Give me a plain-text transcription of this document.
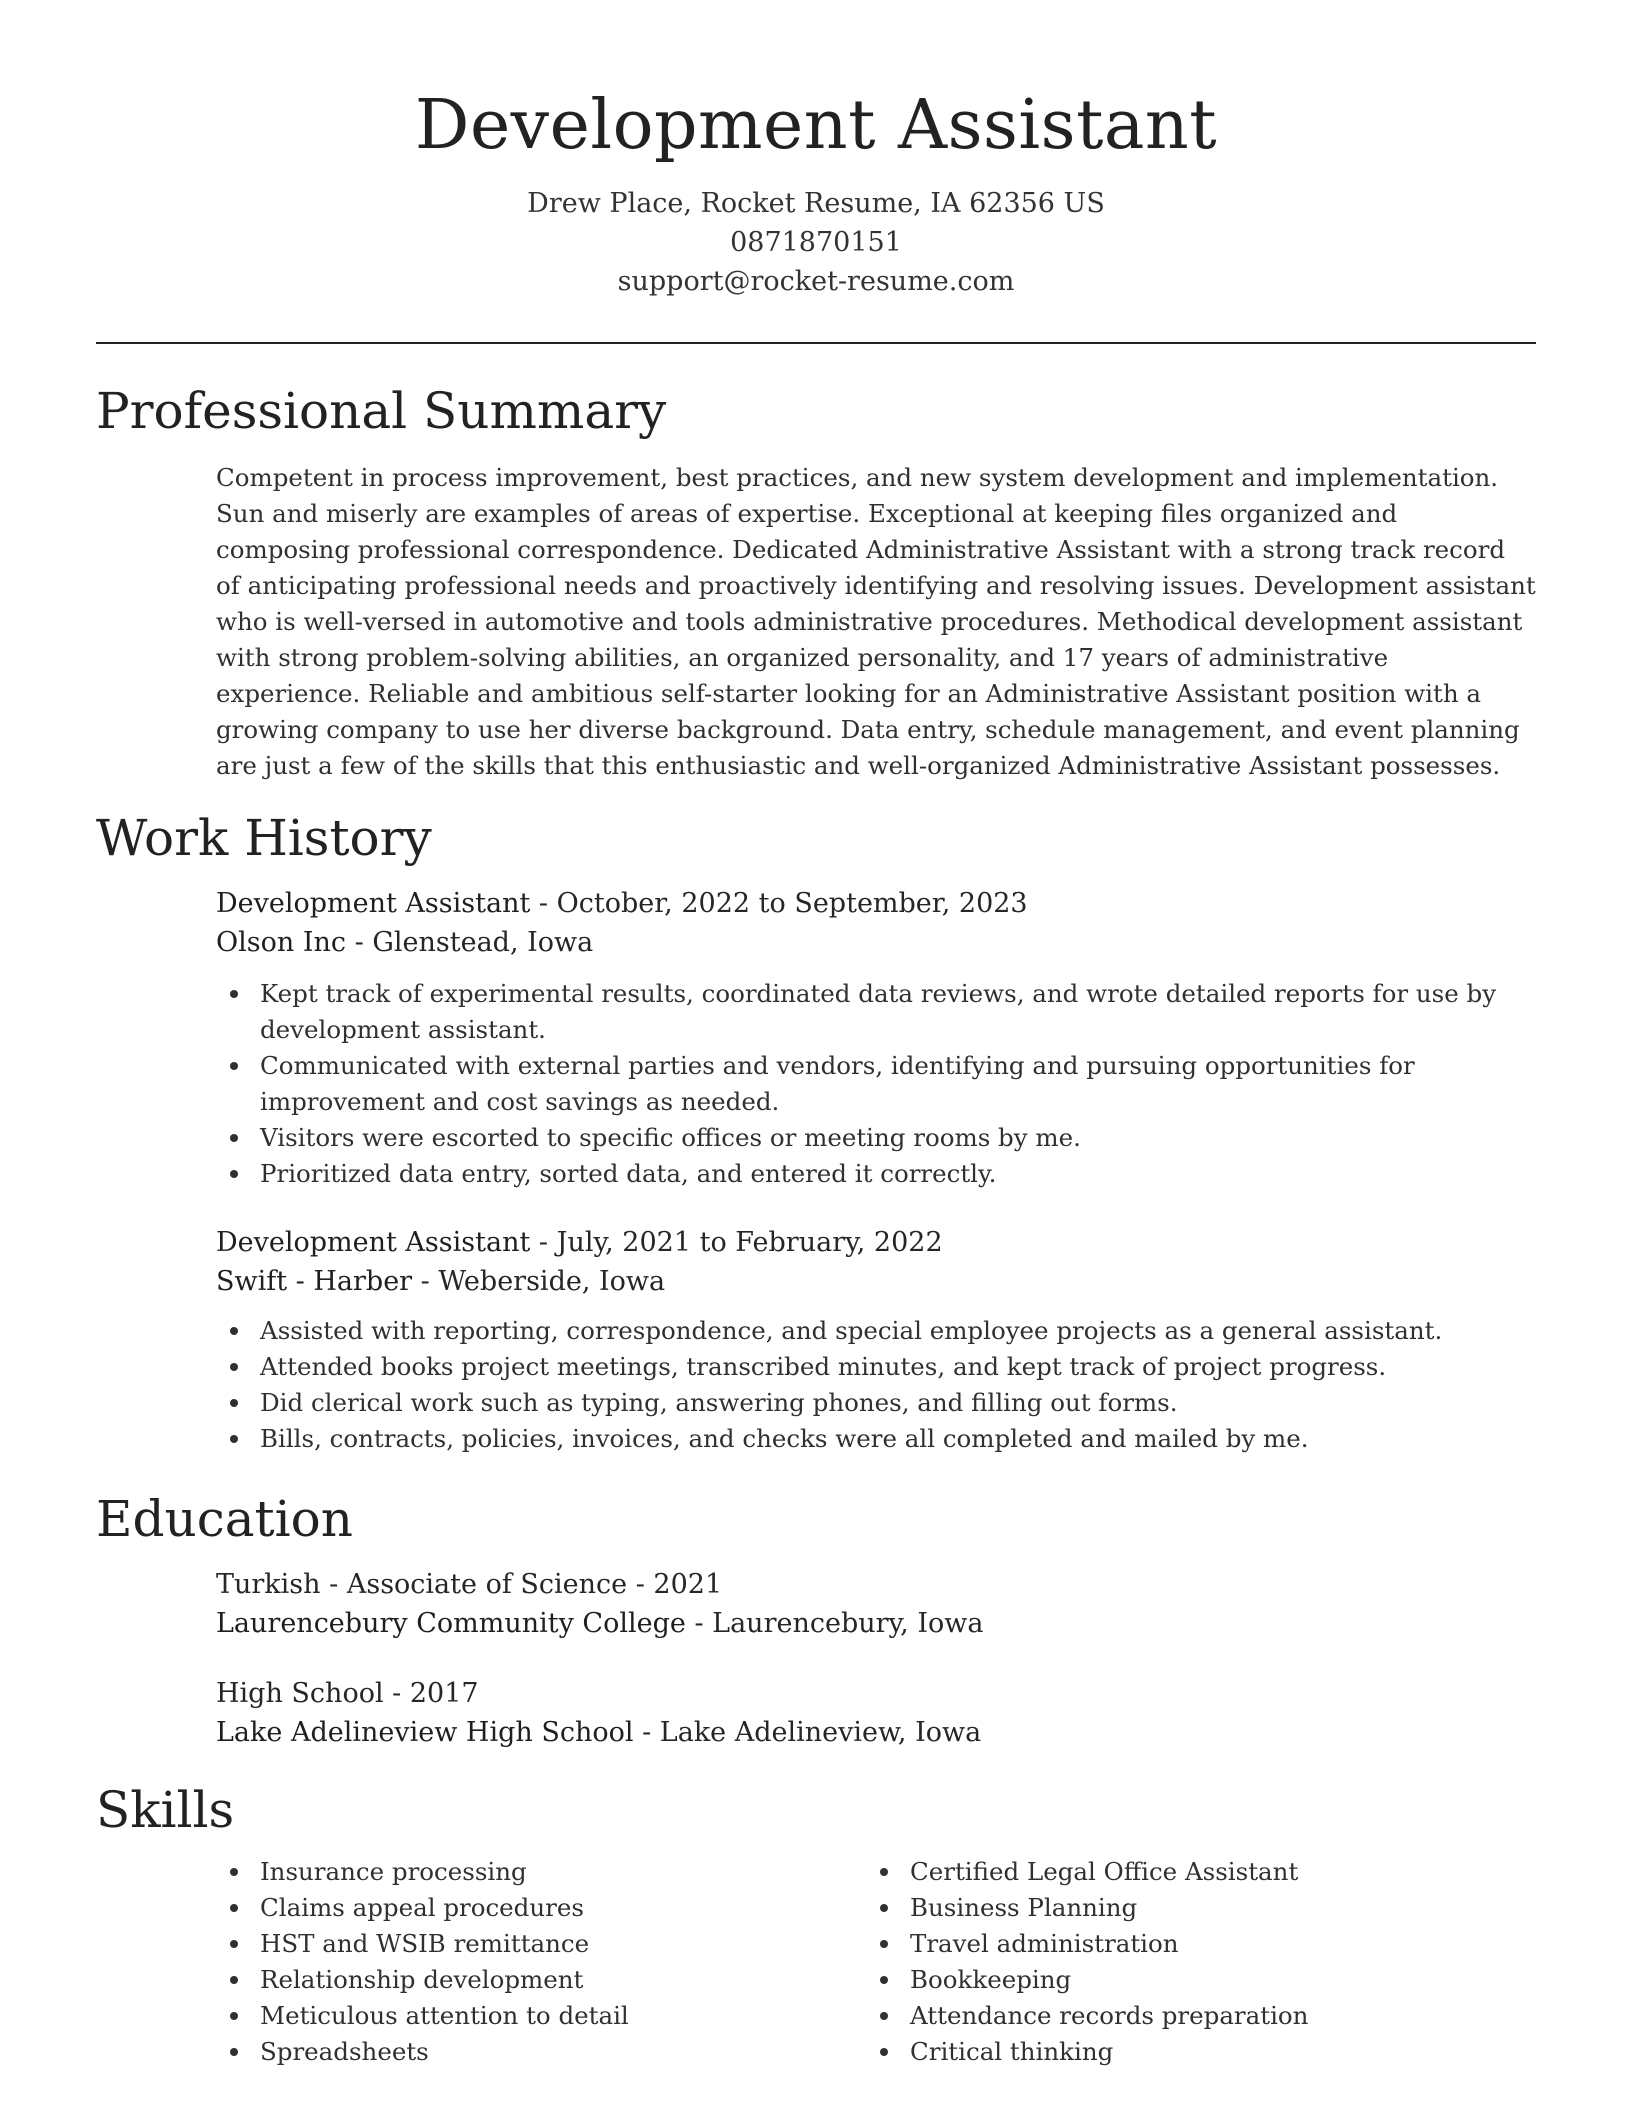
Development Assistant
Drew Place, Rocket Resume, IA 62356 US
0871870151
support@rocket-resume.com
Professional Summary

Competent in process improvement, best practices, and new system development and implementation. Sun and miserly are examples of areas of expertise. Exceptional at keeping files organized and composing professional correspondence. Dedicated Administrative Assistant with a strong track record of anticipating professional needs and proactively identifying and resolving issues. Development assistant who is well-versed in automotive and tools administrative procedures. Methodical development assistant with strong problem-solving abilities, an organized personality, and 17 years of administrative experience. Reliable and ambitious self-starter looking for an Administrative Assistant position with a growing company to use her diverse background. Data entry, schedule management, and event planning are just a few of the skills that this enthusiastic and well-organized Administrative Assistant possesses.

Work History
Development Assistant - October, 2022 to September, 2023
Olson Inc - Glenstead, Iowa
Kept track of experimental results, coordinated data reviews, and wrote detailed reports for use by development assistant.
Communicated with external parties and vendors, identifying and pursuing opportunities for improvement and cost savings as needed.
Visitors were escorted to specific offices or meeting rooms by me.
Prioritized data entry, sorted data, and entered it correctly.
Development Assistant - July, 2021 to February, 2022
Swift - Harber - Weberside, Iowa
Assisted with reporting, correspondence, and special employee projects as a general assistant.
Attended books project meetings, transcribed minutes, and kept track of project progress.
Did clerical work such as typing, answering phones, and filling out forms.
Bills, contracts, policies, invoices, and checks were all completed and mailed by me.
Education
Turkish - Associate of Science - 2021
Laurencebury Community College - Laurencebury, Iowa
High School - 2017
Lake Adelineview High School - Lake Adelineview, Iowa
Skills
Insurance processing
Claims appeal procedures
HST and WSIB remittance
Relationship development
Meticulous attention to detail
Spreadsheets
Certified Legal Office Assistant
Business Planning
Travel administration
Bookkeeping
Attendance records preparation
Critical thinking
